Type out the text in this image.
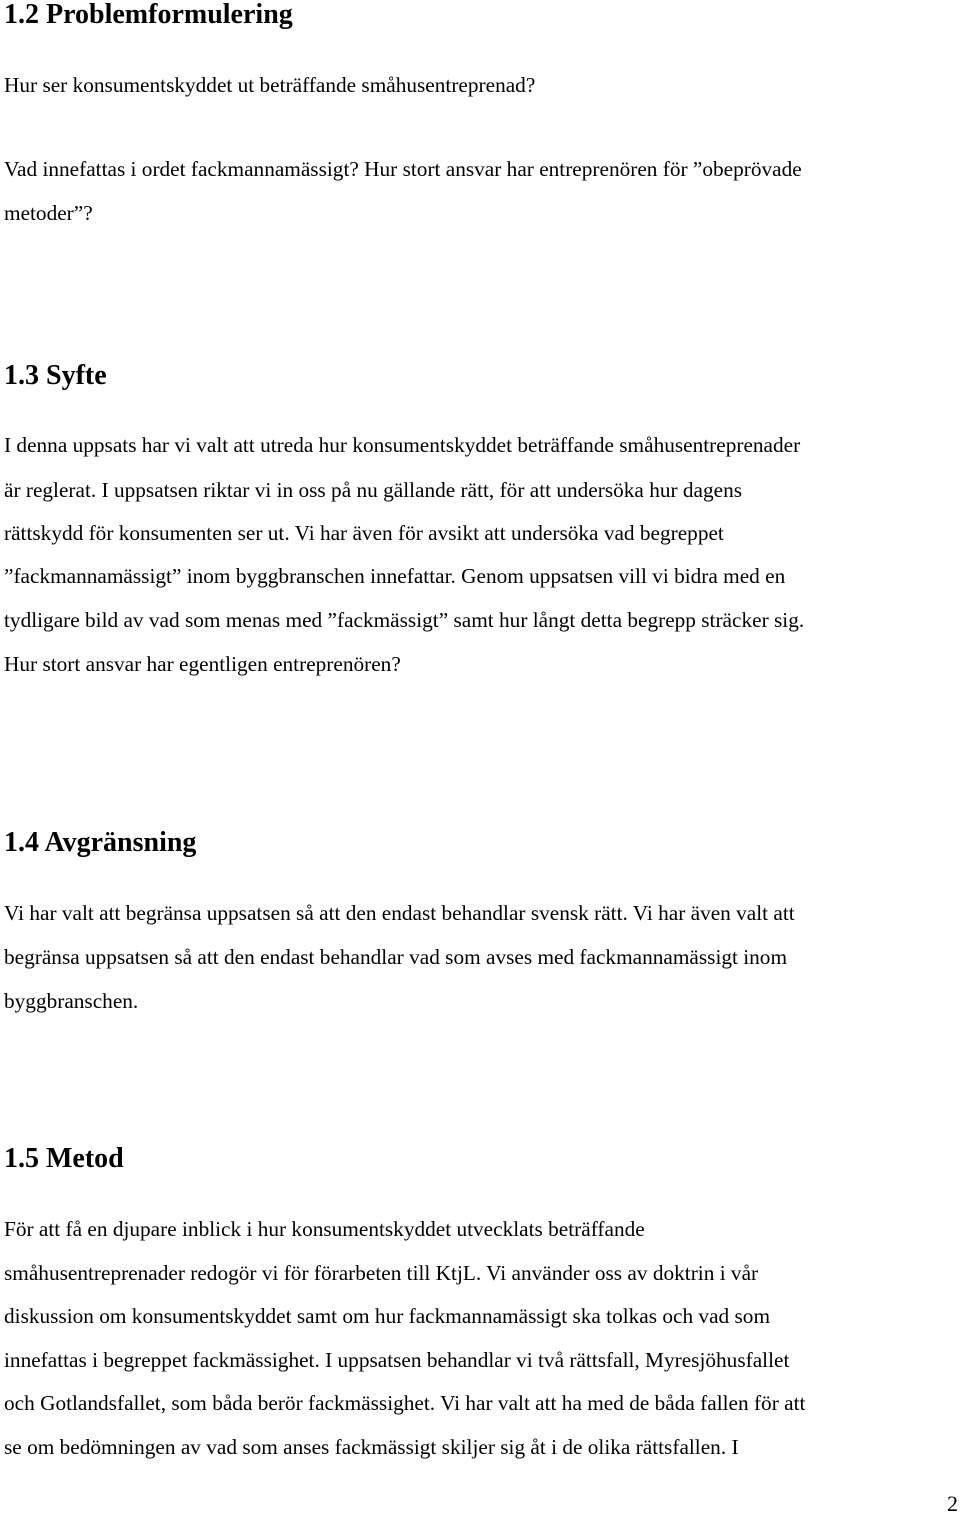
1.2 Problemformulering

Hur ser konsumentskyddet ut beträffande småhusentreprenad?

Vad innefattas i ordet fackmannamässigt? Hur stort ansvar har entreprenören för ”obeprövade

metoder”?

1.3 Syfte

I denna uppsats har vi valt att utreda hur konsumentskyddet beträffande småhusentreprenader

är reglerat. I uppsatsen riktar vi in oss på nu gällande rätt, för att undersöka hur dagens

rättskydd för konsumenten ser ut. Vi har även för avsikt att undersöka vad begreppet

”fackmannamässigt” inom byggbranschen innefattar. Genom uppsatsen vill vi bidra med en

tydligare bild av vad som menas med ”fackmässigt” samt hur långt detta begrepp sträcker sig.

Hur stort ansvar har egentligen entreprenören?

1.4 Avgränsning

Vi har valt att begränsa uppsatsen så att den endast behandlar svensk rätt. Vi har även valt att

begränsa uppsatsen så att den endast behandlar vad som avses med fackmannamässigt inom

byggbranschen.

1.5 Metod

För att få en djupare inblick i hur konsumentskyddet utvecklats beträffande

småhusentreprenader redogör vi för förarbeten till KtjL. Vi använder oss av doktrin i vår

diskussion om konsumentskyddet samt om hur fackmannamässigt ska tolkas och vad som

innefattas i begreppet fackmässighet. I uppsatsen behandlar vi två rättsfall, Myresjöhusfallet

och Gotlandsfallet, som båda berör fackmässighet. Vi har valt att ha med de båda fallen för att

se om bedömningen av vad som anses fackmässigt skiljer sig åt i de olika rättsfallen. I

2
